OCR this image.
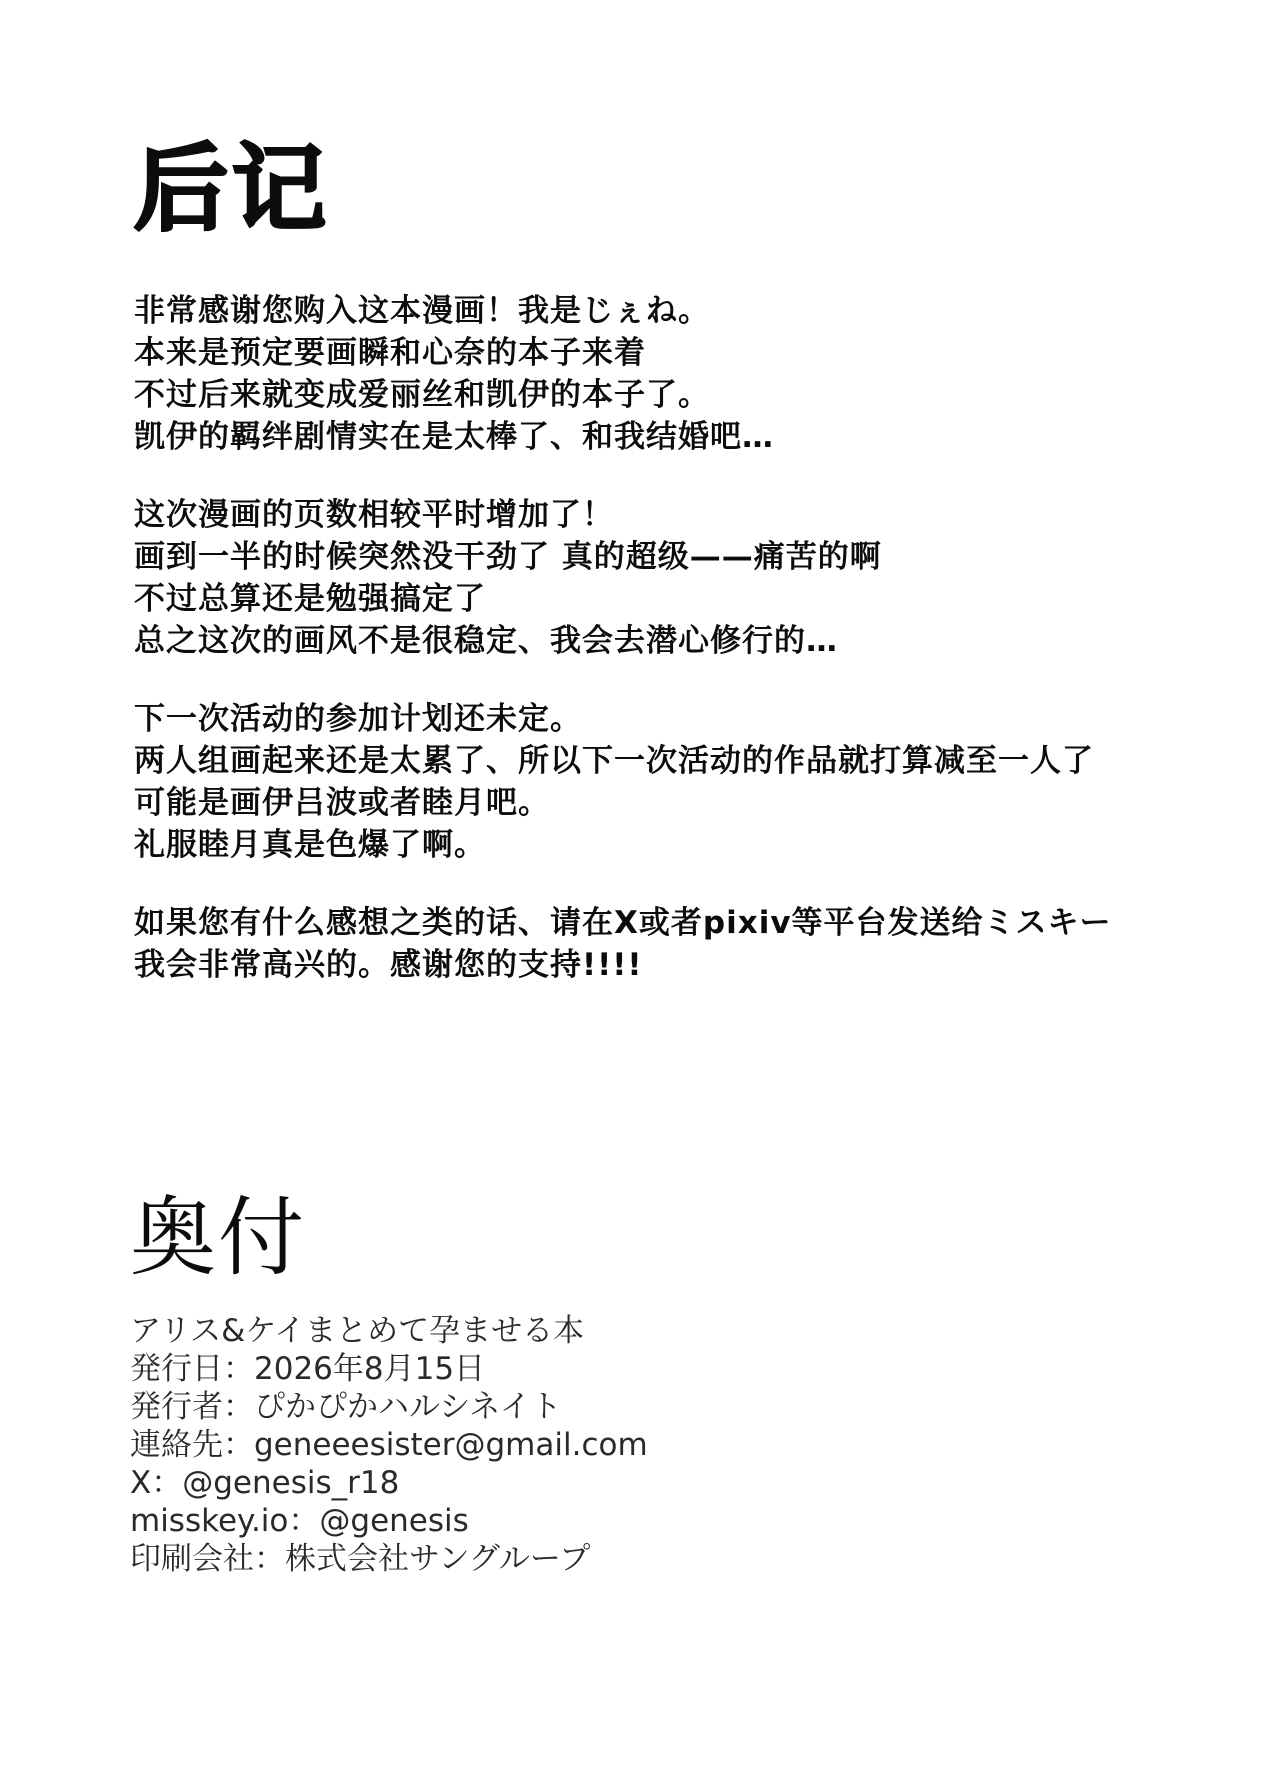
后记
非常感谢您购入这本漫画！我是じぇね。
本来是预定要画瞬和心奈的本子来着
不过后来就变成爱丽丝和凯伊的本子了。
凯伊的羁绊剧情实在是太棒了、和我结婚吧…
这次漫画的页数相较平时增加了！
画到一半的时候突然没干劲了 真的超级——痛苦的啊
不过总算还是勉强搞定了
总之这次的画风不是很稳定、我会去潜心修行的…
下一次活动的参加计划还未定。
两人组画起来还是太累了、所以下一次活动的作品就打算减至一人了
可能是画伊吕波或者睦月吧。
礼服睦月真是色爆了啊。
如果您有什么感想之类的话、请在X或者pixiv等平台发送给ミスキー
我会非常高兴的。感谢您的支持!!!!
奥付
アリス&ケイまとめて孕ませる本
発行日：2026年8月15日
発行者：ぴかぴかハルシネイト
連絡先：geneeesister@gmail.com
X：@genesis_r18
misskey.io：@genesis
印刷会社：株式会社サングループ
